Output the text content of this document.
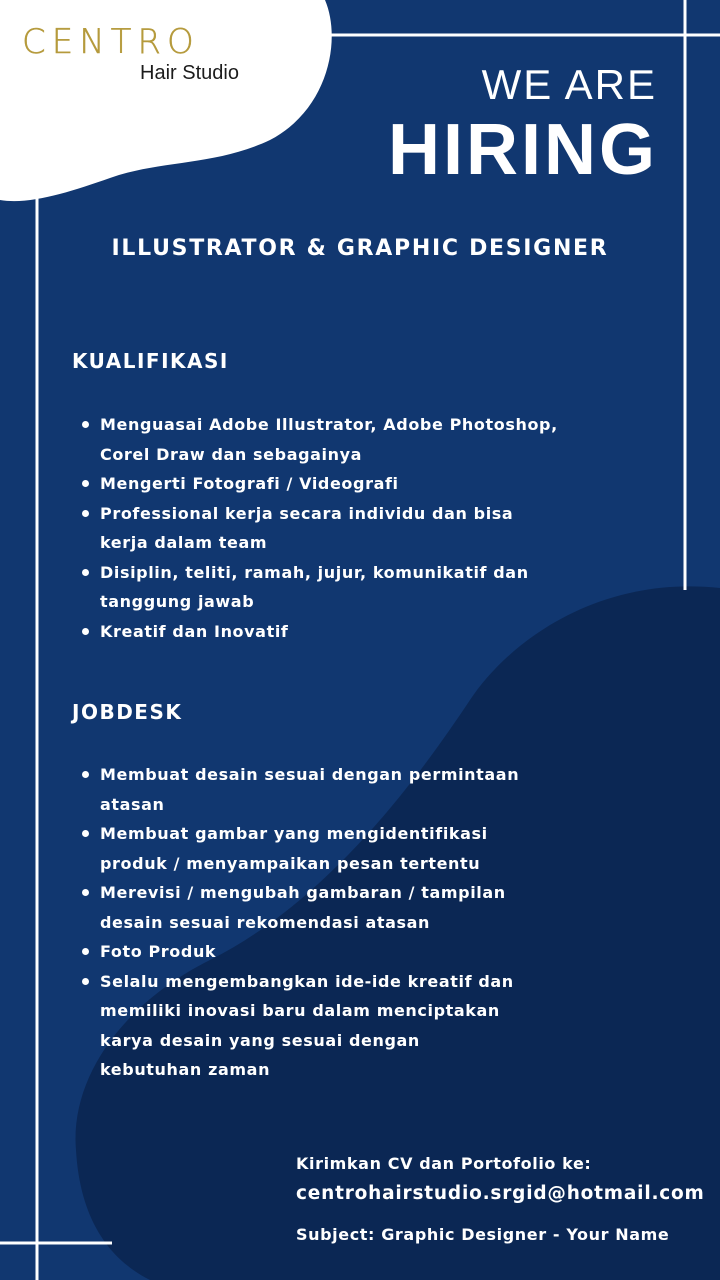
CENTRO
Hair Studio	WE ARE
HIRING
ILLUSTRATOR & GRAPHIC DESIGNER
KUALIFIKASI
Menguasai Adobe Illustrator, Adobe Photoshop,
Corel Draw dan sebagainya
Mengerti Fotografi / Videografi
Professional kerja secara individu dan bisa
kerja dalam team
Disiplin, teliti, ramah, jujur, komunikatif dan
tanggung jawab
Kreatif dan Inovatif
JOBDESK
Membuat desain sesuai dengan permintaan
atasan
Membuat gambar yang mengidentifikasi
produk / menyampaikan pesan tertentu
Merevisi / mengubah gambaran / tampilan
desain sesuai rekomendasi atasan
Foto Produk
Selalu mengembangkan ide-ide kreatif dan
memiliki inovasi baru dalam menciptakan
karya desain yang sesuai dengan
kebutuhan zaman
Kirimkan CV dan Portofolio ke:
centrohairstudio.srgid@hotmail.com
Subject: Graphic Designer - Your Name
